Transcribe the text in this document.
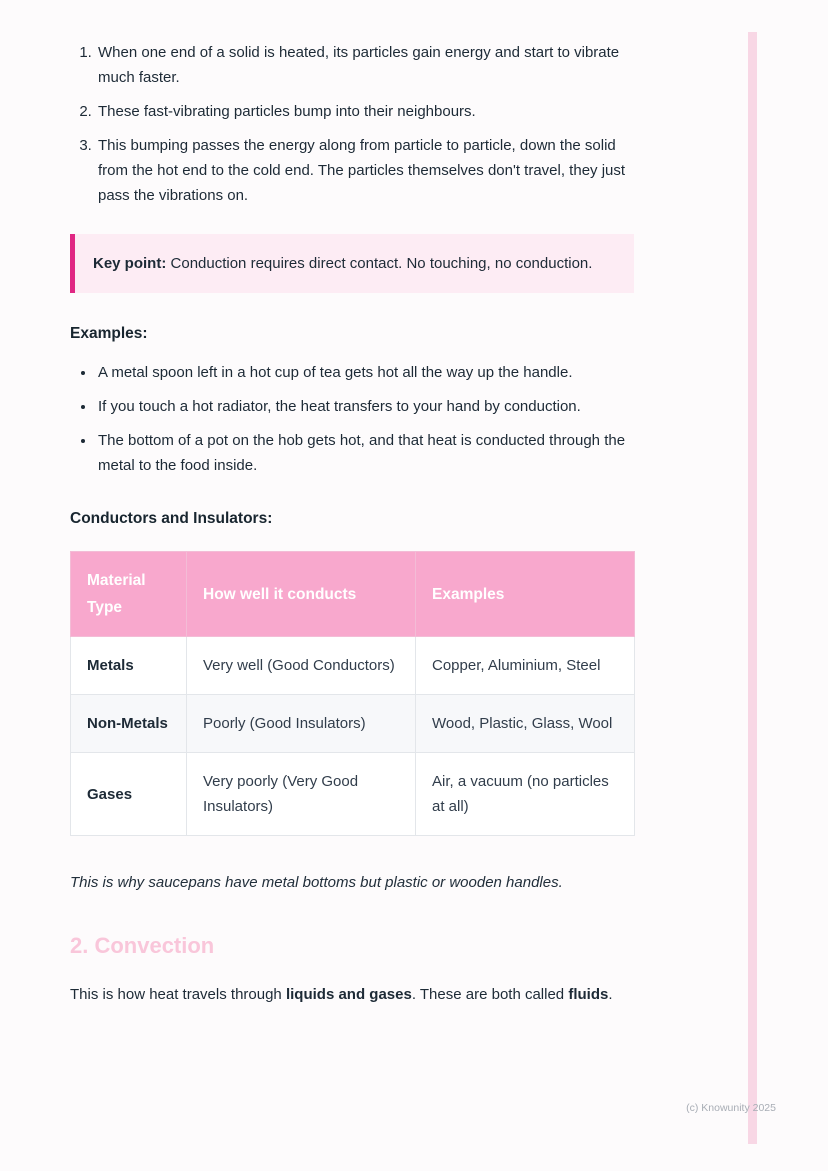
1. When one end of a solid is heated, its particles gain energy and start to vibrate much faster.
2. These fast-vibrating particles bump into their neighbours.
3. This bumping passes the energy along from particle to particle, down the solid from the hot end to the cold end. The particles themselves don't travel, they just pass the vibrations on.

Key point: Conduction requires direct contact. No touching, no conduction.

Examples:
• A metal spoon left in a hot cup of tea gets hot all the way up the handle.
• If you touch a hot radiator, the heat transfers to your hand by conduction.
• The bottom of a pot on the hob gets hot, and that heat is conducted through the metal to the food inside.
Conductors and Insulators:
Material Type	How well it conducts	Examples
Metals	Very well (Good Conductors)	Copper, Aluminium, Steel
Non-Metals	Poorly (Good Insulators)	Wood, Plastic, Glass, Wool
Gases	Very poorly (Very Good Insulators)	Air, a vacuum (no particles at all)

This is why saucepans have metal bottoms but plastic or wooden handles.

2. Convection

This is how heat travels through liquids and gases. These are both called fluids.

(c) Knowunity 2025
